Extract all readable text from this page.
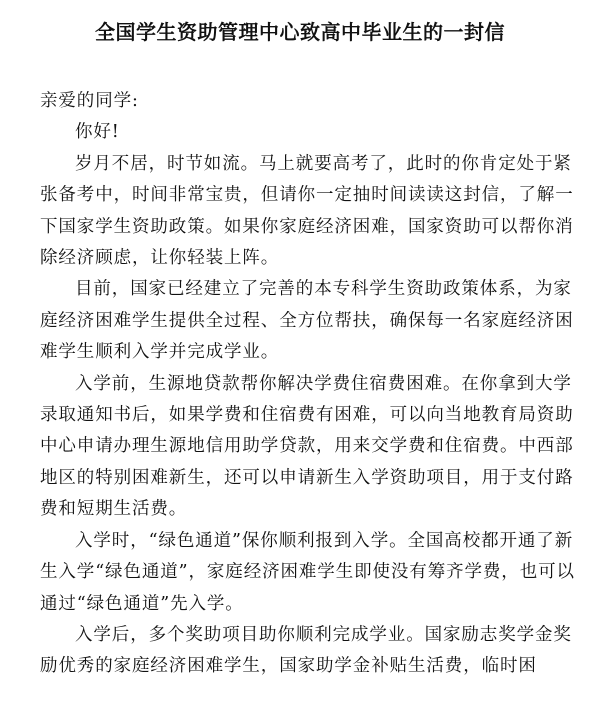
全国学生资助管理中心致高中毕业生的一封信

亲爱的同学:

你好!

岁月不居，时节如流。马上就要高考了，此时的你肯定处于紧张备考中，时间非常宝贵，但请你一定抽时间读读这封信，了解一下国家学生资助政策。如果你家庭经济困难，国家资助可以帮你消除经济顾虑，让你轻装上阵。

目前，国家已经建立了完善的本专科学生资助政策体系，为家庭经济困难学生提供全过程、全方位帮扶，确保每一名家庭经济困难学生顺利入学并完成学业。

入学前，生源地贷款帮你解决学费住宿费困难。在你拿到大学录取通知书后，如果学费和住宿费有困难，可以向当地教育局资助中心申请办理生源地信用助学贷款，用来交学费和住宿费。中西部地区的特别困难新生，还可以申请新生入学资助项目，用于支付路费和短期生活费。

入学时，“绿色通道”保你顺利报到入学。全国高校都开通了新生入学“绿色通道”，家庭经济困难学生即使没有筹齐学费，也可以通过“绿色通道”先入学。

入学后，多个奖助项目助你顺利完成学业。国家励志奖学金奖励优秀的家庭经济困难学生，国家助学金补贴生活费，临时困
